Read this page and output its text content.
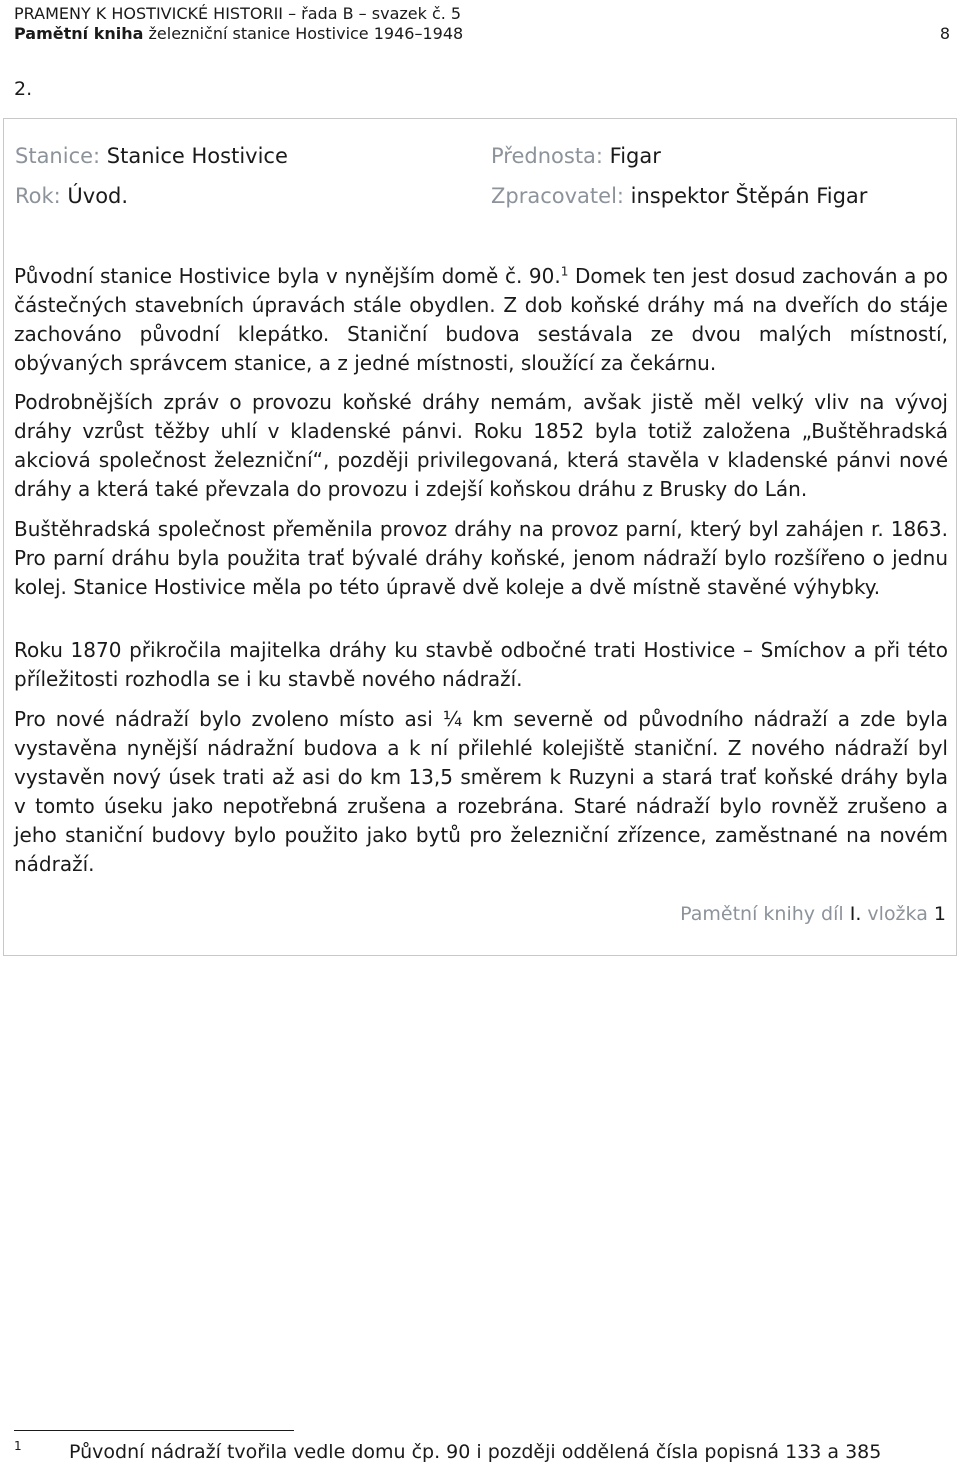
PRAMENY K HOSTIVICKÉ HISTORII – řada B – svazek č. 5
Pamětní kniha železniční stanice Hostivice 1946–1948	8
2.
Stanice: Stanice Hostivice
Rok: Úvod.
Přednosta: Figar
Zpracovatel: inspektor Štěpán Figar

Původní stanice Hostivice byla v nynějším domě č. 90.$^1$ Domek ten jest dosud zachován a po částečných stavebních úpravách stále obydlen. Z dob koňské dráhy má na dveřích do stáje zachováno původní klepátko. Staniční budova sestávala ze dvou malých místností, obývaných správcem stanice, a z jedné místnosti, sloužící za čekárnu.

Podrobnějších zpráv o provozu koňské dráhy nemám, avšak jistě měl velký vliv na vývoj dráhy vzrůst těžby uhlí v kladenské pánvi. Roku 1852 byla totiž založena „Buštěhradská akciová společnost železniční“, později privilegovaná, která stavěla v kladenské pánvi nové dráhy a která také převzala do provozu i zdejší koňskou dráhu z Brusky do Lán.

Buštěhradská společnost přeměnila provoz dráhy na provoz parní, který byl zahájen r. 1863. Pro parní dráhu byla použita trať bývalé dráhy koňské, jenom nádraží bylo rozšířeno o jednu kolej. Stanice Hostivice měla po této úpravě dvě koleje a dvě místně stavěné výhybky.

Roku 1870 přikročila majitelka dráhy ku stavbě odbočné trati Hostivice – Smíchov a při této příležitosti rozhodla se i ku stavbě nového nádraží.

Pro nové nádraží bylo zvoleno místo asi ¼ km severně od původního nádraží a zde byla vystavěna nynější nádražní budova a k ní přilehlé kolejiště staniční. Z nového nádraží byl vystavěn nový úsek trati až asi do km 13,5 směrem k Ruzyni a stará trať koňské dráhy byla v tomto úseku jako nepotřebná zrušena a rozebrána. Staré nádraží bylo rovněž zrušeno a jeho staniční budovy bylo použito jako bytů pro železniční zřízence, zaměstnané na novém nádraží.

Pamětní knihy díl I. vložka 1
1 Původní nádraží tvořila vedle domu čp. 90 i později oddělená čísla popisná 133 a 385
